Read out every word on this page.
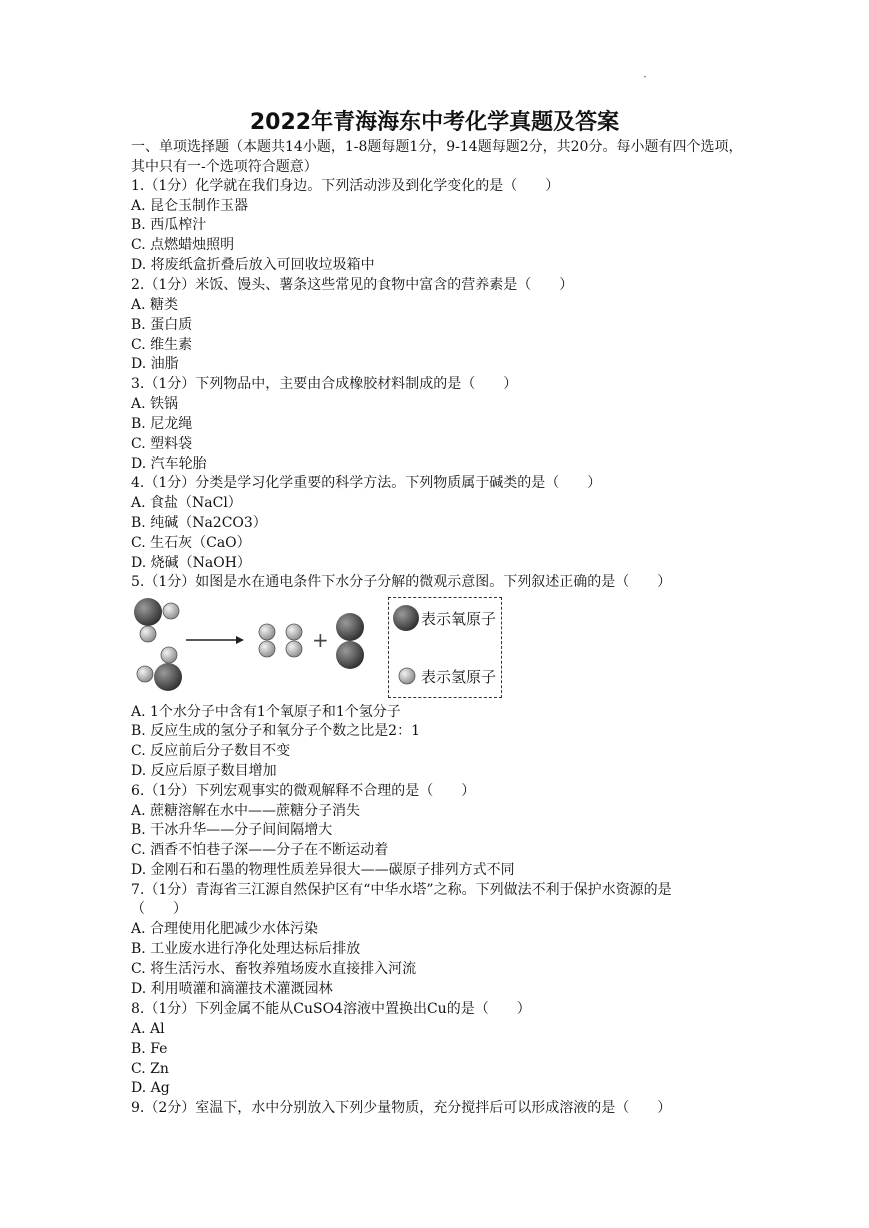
·
2022年青海海东中考化学真题及答案
一、单项选择题（本题共14小题，1-8题每题1分，9-14题每题2分，共20分。每小题有四个选项，其中只有一-个选项符合题意）
1.（1分）化学就在我们身边。下列活动涉及到化学变化的是（　　）
A. 昆仑玉制作玉器
B. 西瓜榨汁
C. 点燃蜡烛照明
D. 将废纸盒折叠后放入可回收垃圾箱中
2.（1分）米饭、馒头、薯条这些常见的食物中富含的营养素是（　　）
A. 糖类
B. 蛋白质
C. 维生素
D. 油脂
3.（1分）下列物品中，主要由合成橡胶材料制成的是（　　）
A. 铁锅
B. 尼龙绳
C. 塑料袋
D. 汽车轮胎
4.（1分）分类是学习化学重要的科学方法。下列物质属于碱类的是（　　）
A. 食盐（NaCl）
B. 纯碱（Na2CO3）
C. 生石灰（CaO）
D. 烧碱（NaOH）
5.（1分）如图是水在通电条件下水分子分解的微观示意图。下列叙述正确的是（　　）
+
表示氧原子
表示氢原子
A. 1个水分子中含有1个氧原子和1个氢分子
B. 反应生成的氢分子和氧分子个数之比是2：1
C. 反应前后分子数目不变
D. 反应后原子数目增加
6.（1分）下列宏观事实的微观解释不合理的是（　　）
A. 蔗糖溶解在水中——蔗糖分子消失
B. 干冰升华——分子间间隔增大
C. 酒香不怕巷子深——分子在不断运动着
D. 金刚石和石墨的物理性质差异很大——碳原子排列方式不同
7.（1分）青海省三江源自然保护区有“中华水塔”之称。下列做法不利于保护水资源的是
（　　）
A. 合理使用化肥减少水体污染
B. 工业废水进行净化处理达标后排放
C. 将生活污水、畜牧养殖场废水直接排入河流
D. 利用喷灌和滴灌技术灌溉园林
8.（1分）下列金属不能从CuSO4溶液中置换出Cu的是（　　）
A. Al
B. Fe
C. Zn
D. Ag
9.（2分）室温下，水中分别放入下列少量物质，充分搅拌后可以形成溶液的是（　　）
